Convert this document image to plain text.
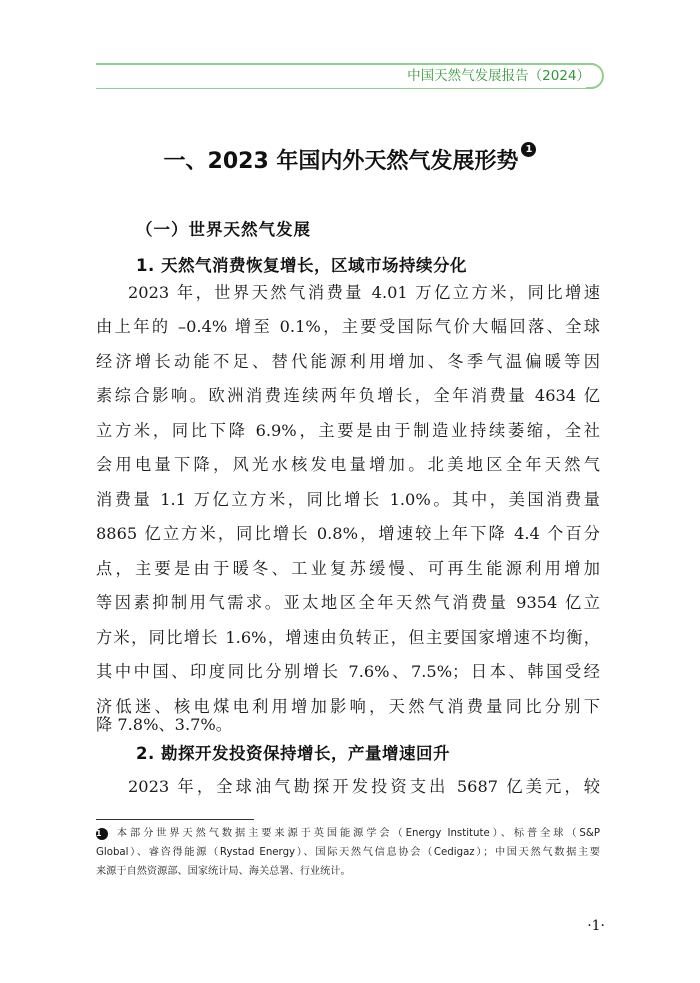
中国天然气发展报告（2024）
一、2023 年国内外天然气发展形势 1
（一）世界天然气发展
1. 天然气消费恢复增长，区域市场持续分化
2023 年，世界天然气消费量 4.01 万亿立方米，同比增速
由上年的 –0.4% 增至 0.1%，主要受国际气价大幅回落、全球
经济增长动能不足、替代能源利用增加、冬季气温偏暖等因
素综合影响。欧洲消费连续两年负增长，全年消费量 4634 亿
立方米，同比下降 6.9%，主要是由于制造业持续萎缩，全社
会用电量下降，风光水核发电量增加。北美地区全年天然气
消费量 1.1 万亿立方米，同比增长 1.0%。其中，美国消费量
8865 亿立方米，同比增长 0.8%，增速较上年下降 4.4 个百分
点，主要是由于暖冬、工业复苏缓慢、可再生能源利用增加
等因素抑制用气需求。亚太地区全年天然气消费量 9354 亿立
方米，同比增长 1.6%，增速由负转正，但主要国家增速不均衡，
其中中国、印度同比分别增长 7.6%、7.5%；日本、韩国受经
济低迷、核电煤电利用增加影响，天然气消费量同比分别下
降 7.8%、3.7%。
2. 勘探开发投资保持增长，产量增速回升
2023 年，全球油气勘探开发投资支出 5687 亿美元，较
1 本部分世界天然气数据主要来源于英国能源学会（Energy Institute）、标普全球（S&P
Global）、睿咨得能源（Rystad Energy）、国际天然气信息协会（Cedigaz）；中国天然气数据主要
来源于自然资源部、国家统计局、海关总署、行业统计。
·1·
